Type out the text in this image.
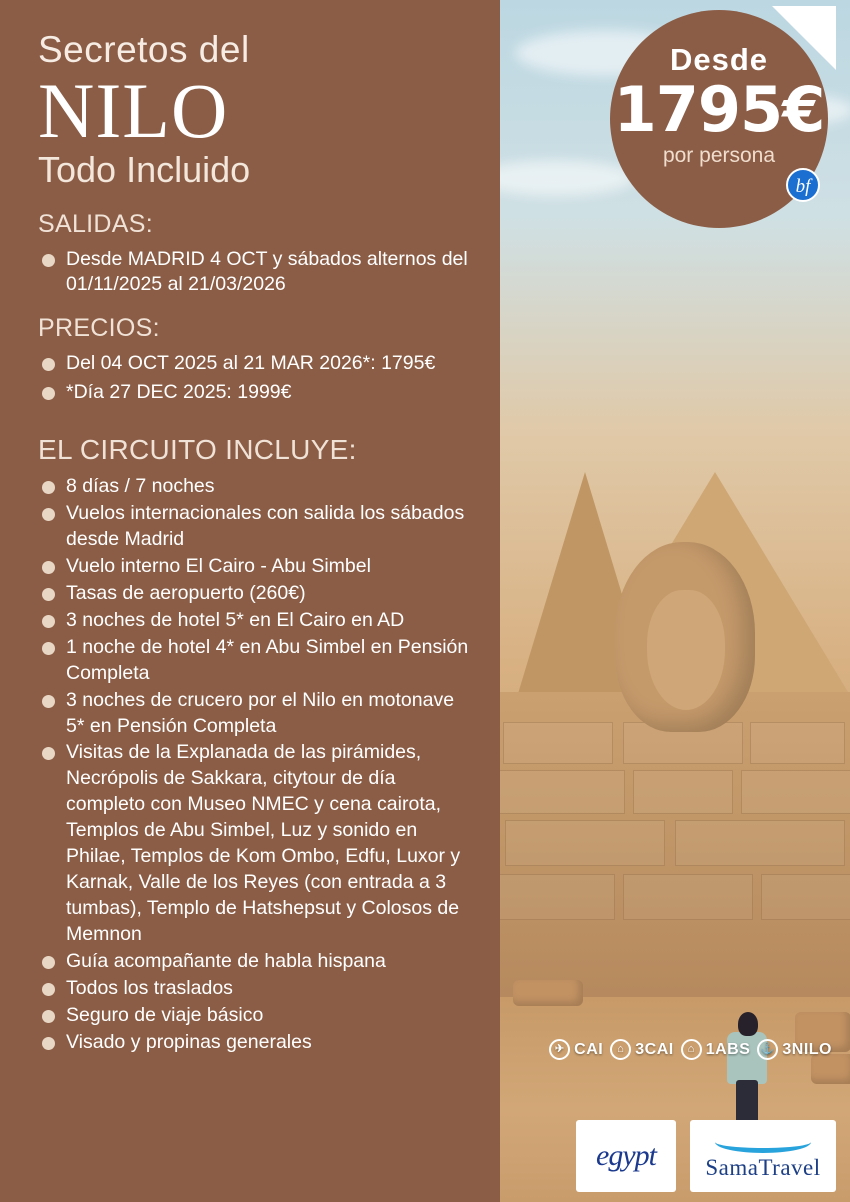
Desde
1795€
por persona
bf
Secretos del
NILO
Todo Incluido
SALIDAS:
Desde MADRID 4 OCT y sábados alternos del 01/11/2025 al 21/03/2026
PRECIOS:
Del 04 OCT 2025 al 21 MAR 2026*: 1795€
*Día 27 DEC 2025: 1999€
EL CIRCUITO INCLUYE:
8 días / 7 noches
Vuelos internacionales con salida los sábados desde Madrid
Vuelo interno El Cairo - Abu Simbel
Tasas de aeropuerto (260€)
3 noches de hotel 5* en El Cairo en AD
1 noche de hotel 4* en Abu Simbel en Pensión Completa
3 noches de crucero por el Nilo en motonave 5* en Pensión Completa
Visitas de la Explanada de las pirámides, Necrópolis de Sakkara, citytour de día completo con Museo NMEC y cena cairota, Templos de Abu Simbel, Luz y sonido en Philae, Templos de Kom Ombo, Edfu, Luxor y Karnak, Valle de los Reyes (con entrada a 3 tumbas), Templo de Hatshepsut y Colosos de Memnon
Guía acompañante de habla hispana
Todos los traslados
Seguro de viaje básico
Visado y propinas generales	✈ CAI	⌂ 3CAI	⌂ 1ABS ⚓ 3NILO
egypt SamaTravel
